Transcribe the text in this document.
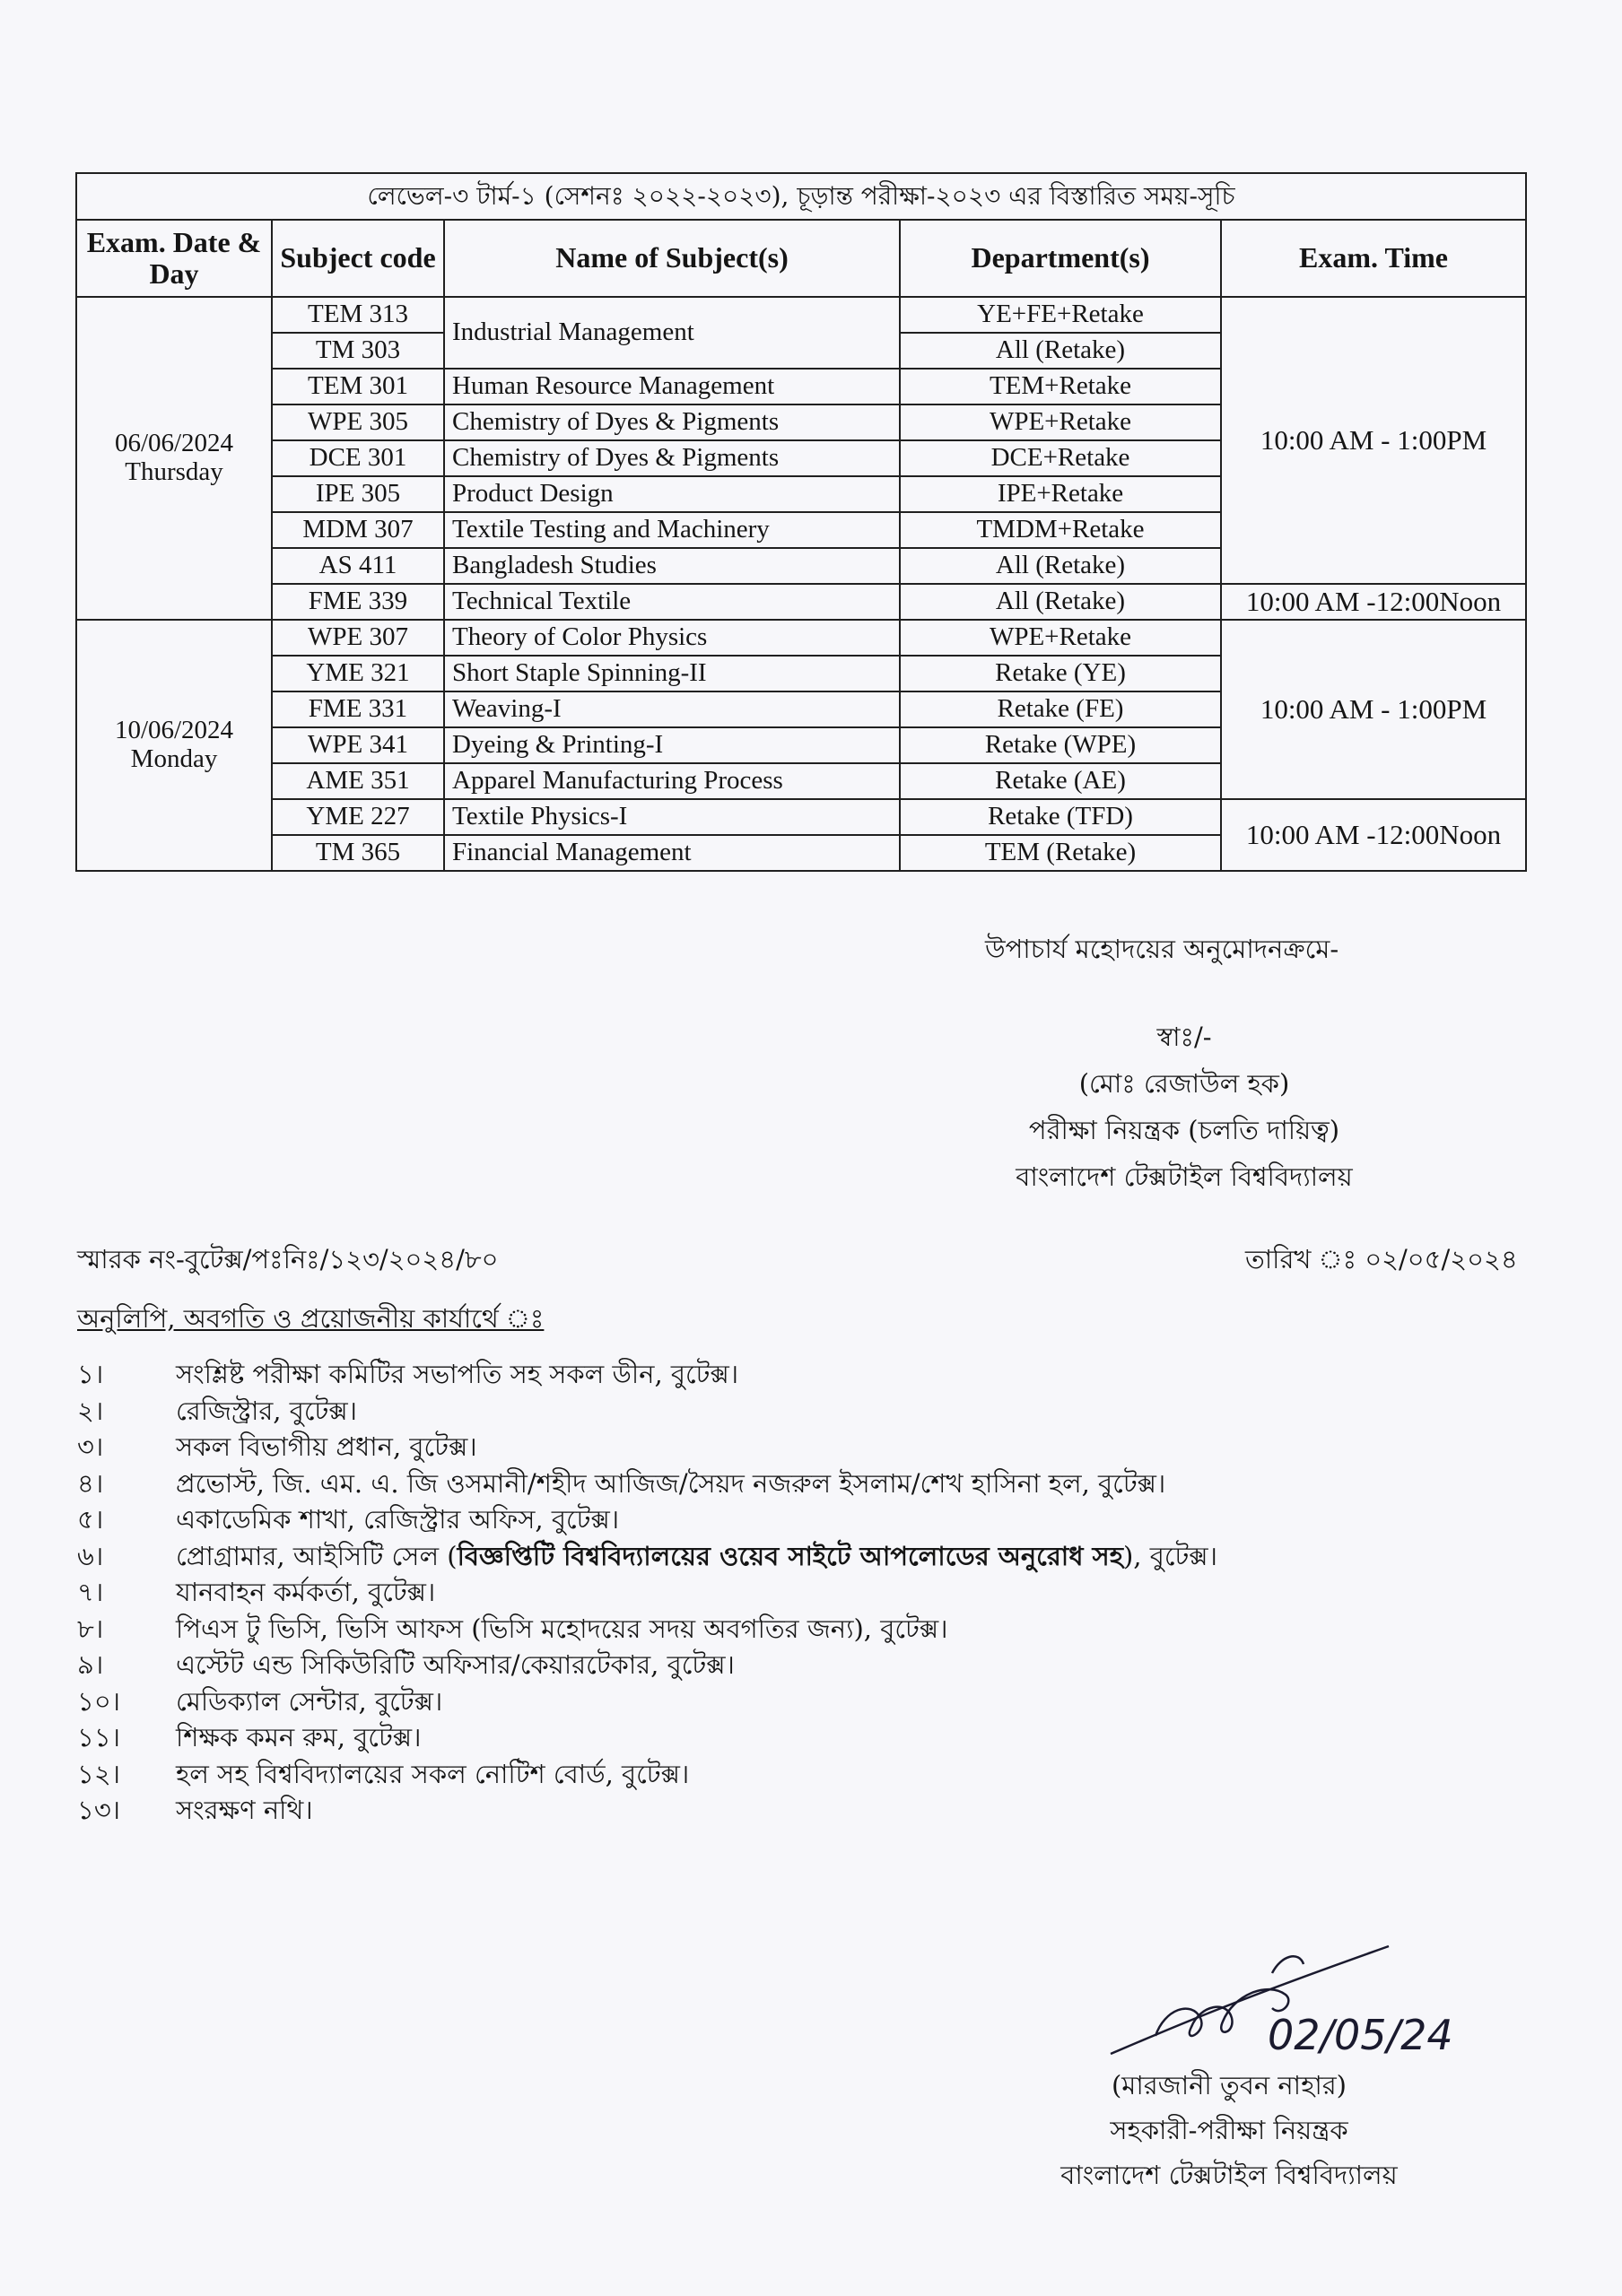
লেভেল-৩ টার্ম-১ (সেশনঃ ২০২২-২০২৩), চূড়ান্ত পরীক্ষা-২০২৩ এর বিস্তারিত সময়-সূচি				
Exam. Date & Day	Subject code	Name of Subject(s)	Department(s)	Exam. Time

06/06/2024
Thursday	TEM 313	Industrial Management	YE+FE+Retake	10:00 AM - 1:00PM
	TM 303		All (Retake)	
	TEM 301	Human Resource Management	TEM+Retake	
	WPE 305	Chemistry of Dyes & Pigments	WPE+Retake	
	DCE 301	Chemistry of Dyes & Pigments	DCE+Retake	
	IPE 305	Product Design	IPE+Retake	
	MDM 307	Textile Testing and Machinery	TMDM+Retake	
	AS 411	Bangladesh Studies	All (Retake)	
	FME 339	Technical Textile	All (Retake)	10:00 AM -12:00Noon

10/06/2024
Monday	WPE 307	Theory of Color Physics	WPE+Retake	10:00 AM - 1:00PM
	YME 321	Short Staple Spinning-II	Retake (YE)	
	FME 331	Weaving-I	Retake (FE)	
	WPE 341	Dyeing & Printing-I	Retake (WPE)	
	AME 351	Apparel Manufacturing Process	Retake (AE)	
	YME 227	Textile Physics-I	Retake (TFD)	10:00 AM -12:00Noon
	TM 365	Financial Management	TEM (Retake)	
উপাচার্য মহোদয়ের অনুমোদনক্রমে-
স্বাঃ/-
(মোঃ রেজাউল হক)
পরীক্ষা নিয়ন্ত্রক (চলতি দায়িত্ব)
বাংলাদেশ টেক্সটাইল বিশ্ববিদ্যালয়
স্মারক নং-বুটেক্স/পঃনিঃ/১২৩/২০২৪/৮০	তারিখ ঃ ০২/০৫/২০২৪
অনুলিপি, অবগতি ও প্রয়োজনীয় কার্যার্থে ঃ
১।	সংশ্লিষ্ট পরীক্ষা কমিটির সভাপতি সহ সকল ডীন, বুটেক্স।
২।	রেজিস্ট্রার, বুটেক্স।
৩।	সকল বিভাগীয় প্রধান, বুটেক্স।
৪।	প্রভোস্ট, জি. এম. এ. জি ওসমানী/শহীদ আজিজ/সৈয়দ নজরুল ইসলাম/শেখ হাসিনা হল, বুটেক্স।
৫।	একাডেমিক শাখা, রেজিস্ট্রার অফিস, বুটেক্স।
৬।	প্রোগ্রামার, আইসিটি সেল (বিজ্ঞপ্তিটি বিশ্ববিদ্যালয়ের ওয়েব সাইটে আপলোডের অনুরোধ সহ), বুটেক্স।
৭।	যানবাহন কর্মকর্তা, বুটেক্স।
৮।	পিএস টু ভিসি, ভিসি আফস (ভিসি মহোদয়ের সদয় অবগতির জন্য), বুটেক্স।
৯।	এস্টেট এন্ড সিকিউরিটি অফিসার/কেয়ারটেকার, বুটেক্স।
১০। মেডিক্যাল সেন্টার, বুটেক্স।
১১। শিক্ষক কমন রুম, বুটেক্স।
১২। হল সহ বিশ্ববিদ্যালয়ের সকল নোটিশ বোর্ড, বুটেক্স।
১৩। সংরক্ষণ নথি।
02/05/24
(মারজানী তুবন নাহার)
সহকারী-পরীক্ষা নিয়ন্ত্রক
বাংলাদেশ টেক্সটাইল বিশ্ববিদ্যালয়
